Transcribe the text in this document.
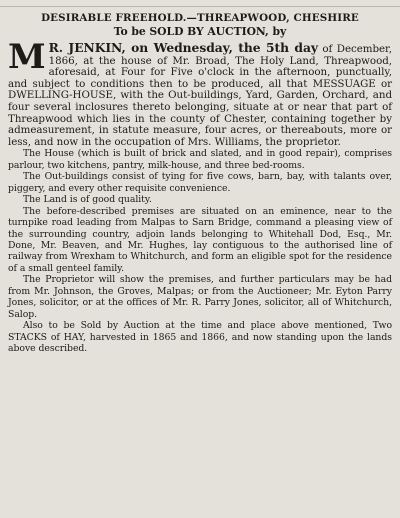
DESIRABLE FREEHOLD.—THREAPWOOD, CHESHIRE
To be SOLD BY AUCTION, by

M R. JENKIN, on Wednesday, the 5th day of December, 1866, at the house of Mr. Broad, The Holy Land, Threapwood, aforesaid, at Four for Five o'clock in the afternoon, punctually, and subject to conditions then to be produced, all that MESSUAGE or DWELLING-HOUSE, with the Out-buildings, Yard, Garden, Orchard, and four several inclosures thereto belonging, situate at or near that part of Threapwood which lies in the county of Chester, containing together by admeasurement, in statute measure, four acres, or thereabouts, more or less, and now in the occupation of Mrs. Williams, the proprietor.

The House (which is built of brick and slated, and in good repair), comprises parlour, two kitchens, pantry, milk-house, and three bed-rooms.

The Out-buildings consist of tying for five cows, barn, bay, with talants over, piggery, and every other requisite convenience.

The Land is of good quality.

The before-described premises are situated on an eminence, near to the turnpike road leading from Malpas to Sarn Bridge, command a pleasing view of the surrounding country, adjoin lands belonging to Whitehall Dod, Esq., Mr. Done, Mr. Beaven, and Mr. Hughes, lay contiguous to the authorised line of railway from Wrexham to Whitchurch, and form an eligible spot for the residence of a small genteel family.

The Proprietor will show the premises, and further particulars may be had from Mr. Johnson, the Groves, Malpas; or from the Auctioneer; Mr. Eyton Parry Jones, solicitor, or at the offices of Mr. R. Parry Jones, solicitor, all of Whitchurch, Salop.

Also to be Sold by Auction at the time and place above mentioned, Two STACKS of HAY, harvested in 1865 and 1866, and now standing upon the lands above described.
